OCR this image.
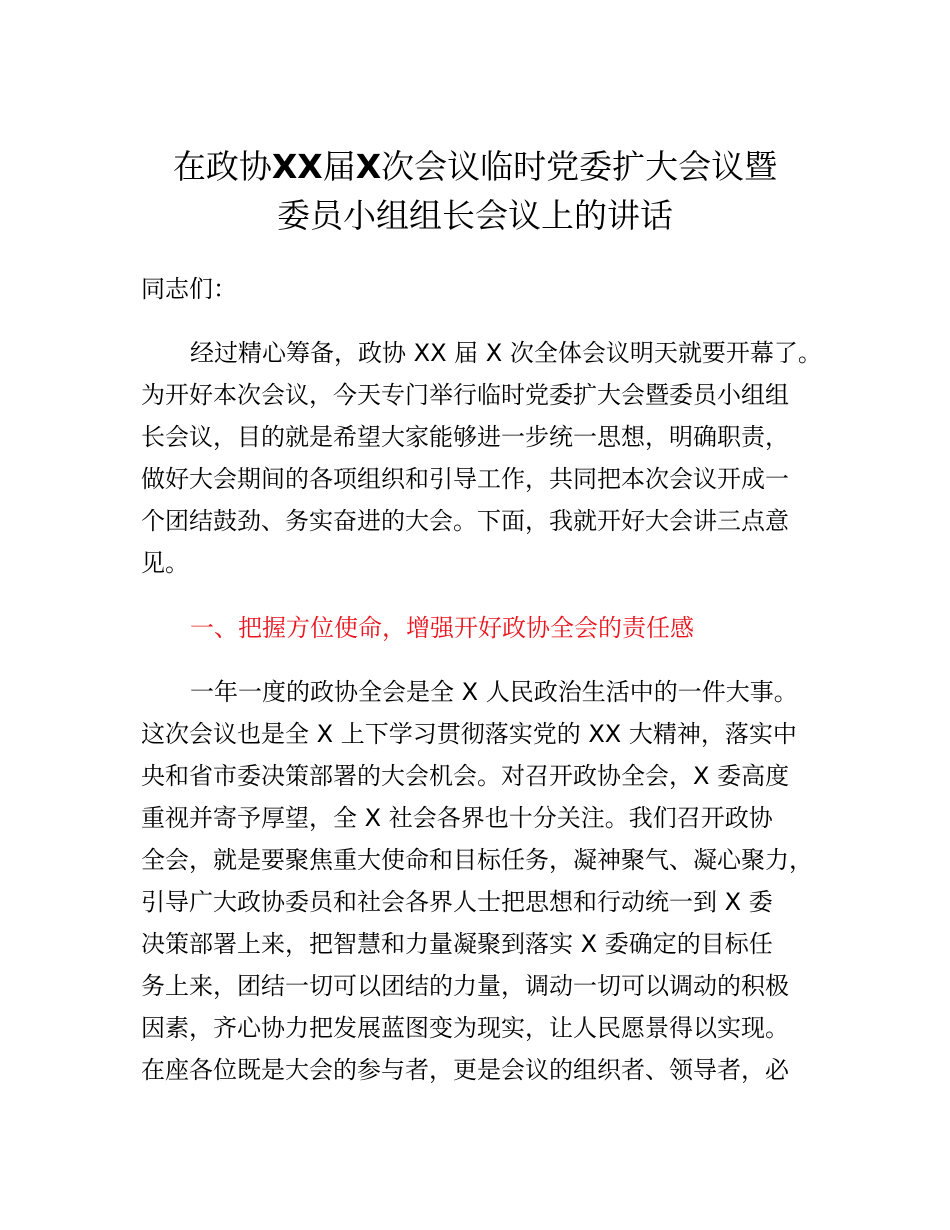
在政协XX届X次会议临时党委扩大会议暨
委员小组组长会议上的讲话

同志们：

经过精心筹备，政协 XX 届 X 次全体会议明天就要开幕了。

为开好本次会议，今天专门举行临时党委扩大会暨委员小组组

长会议，目的就是希望大家能够进一步统一思想，明确职责，

做好大会期间的各项组织和引导工作，共同把本次会议开成一

个团结鼓劲、务实奋进的大会。下面，我就开好大会讲三点意

见。

一、把握方位使命，增强开好政协全会的责任感

一年一度的政协全会是全 X 人民政治生活中的一件大事。

这次会议也是全 X 上下学习贯彻落实党的 XX 大精神，落实中

央和省市委决策部署的大会机会。对召开政协全会，X 委高度

重视并寄予厚望，全 X 社会各界也十分关注。我们召开政协

全会，就是要聚焦重大使命和目标任务，凝神聚气、凝心聚力，

引导广大政协委员和社会各界人士把思想和行动统一到 X 委

决策部署上来，把智慧和力量凝聚到落实 X 委确定的目标任

务上来，团结一切可以团结的力量，调动一切可以调动的积极

因素，齐心协力把发展蓝图变为现实，让人民愿景得以实现。

在座各位既是大会的参与者，更是会议的组织者、领导者，必
